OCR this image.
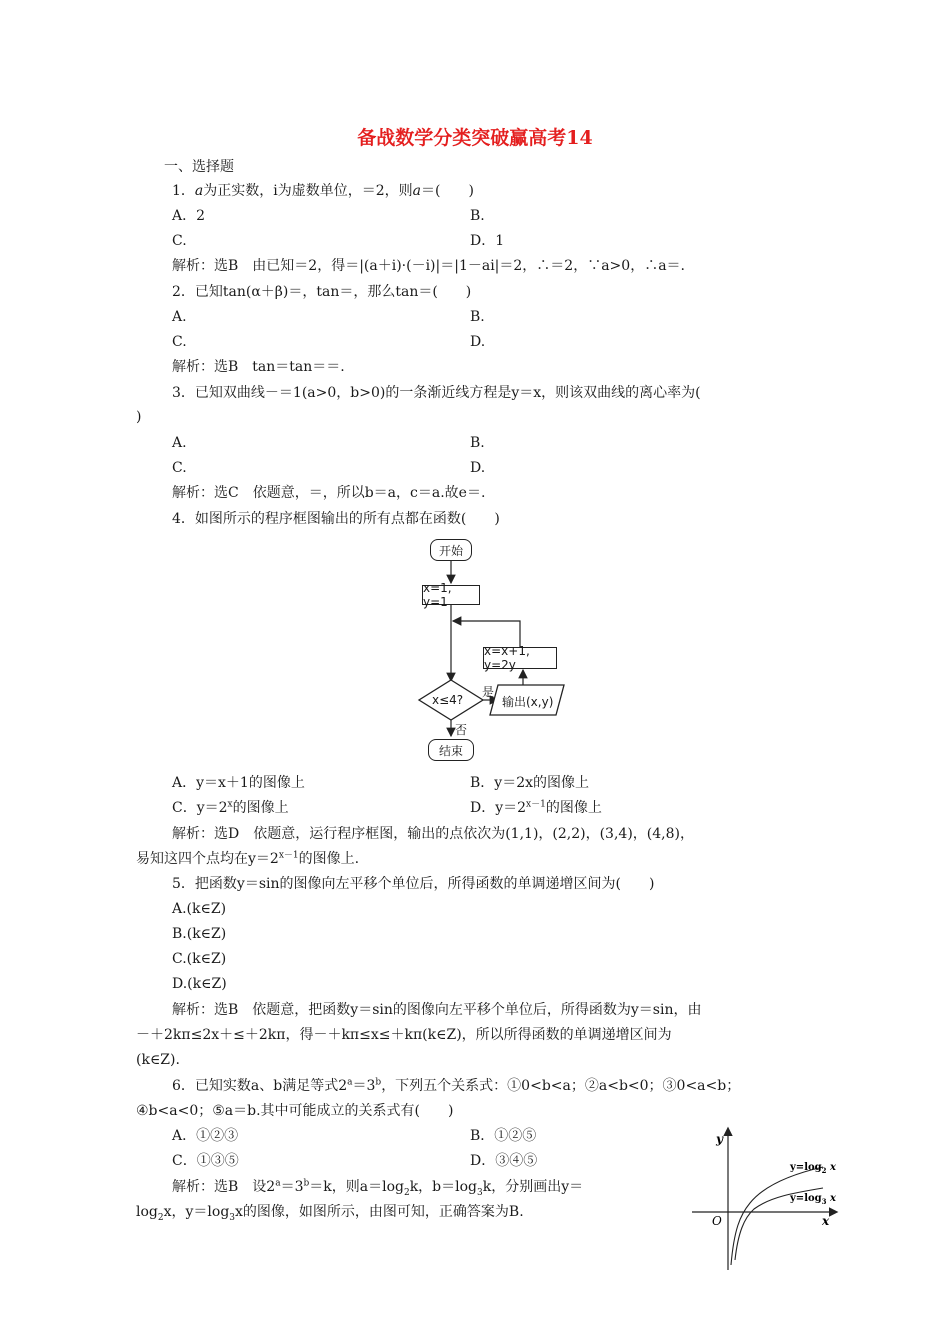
备战数学分类突破赢高考14
一、选择题
1．a为正实数，i为虚数单位，＝2，则a＝(　　)
A．2	B.
C.	D．1
解析：选B　由已知＝2，得＝|(a＋i)·(－i)|＝|1－ai|＝2，∴＝2，∵a>0，∴a＝.
2．已知tan(α＋β)＝，tan＝，那么tan＝(　　)
A.	B.
C.	D.
解析：选B　tan＝tan＝＝.
3．已知双曲线－＝1(a>0，b>0)的一条渐近线方程是y＝x，则该双曲线的离心率为(
)
A.	B.
C.	D.
解析：选C　依题意，＝，所以b＝a，c＝a.故e＝.
4．如图所示的程序框图输出的所有点都在函数(　　)
开始
x=1, y=1
x=x+1, y=2y
x≤4?
是
输出(x,y)
否
结束
A．y＝x＋1的图像上	B．y＝2x的图像上
C．$y=2^x$的图像上	D．$y=2^{x-1}$的图像上
解析：选D　依题意，运行程序框图，输出的点依次为(1,1)，(2,2)，(3,4)，(4,8)，
易知这四个点均在$y=2^{x-1}$的图像上.
5．把函数y＝sin的图像向左平移个单位后，所得函数的单调递增区间为(　　)
A.(k∈Z)
B.(k∈Z)
C.(k∈Z)
D.(k∈Z)
解析：选B　依题意，把函数y＝sin的图像向左平移个单位后，所得函数为y＝sin，由
－＋2kπ≤2x＋≤＋2kπ，得－＋kπ≤x≤＋kπ(k∈Z)，所以所得函数的单调递增区间为
(k∈Z).
6．已知实数a、b满足等式$2^a=3^b$，下列五个关系式：①0<b<a；②a<b<0；③0<a<b；
④b<a<0；⑤a＝b.其中可能成立的关系式有(　　)
A．①②③	B．①②⑤
C．①③⑤	D．③④⑤
解析：选B　设$2^a=3^b=k$，则$a=\log_2k$，$b=\log_3k$，分别画出y＝
$\log_2x$，$y=\log_3x$的图像，如图所示，由图可知，正确答案为B.
y
x
O
$y=\log_2$ x
$y=\log_3$ x
